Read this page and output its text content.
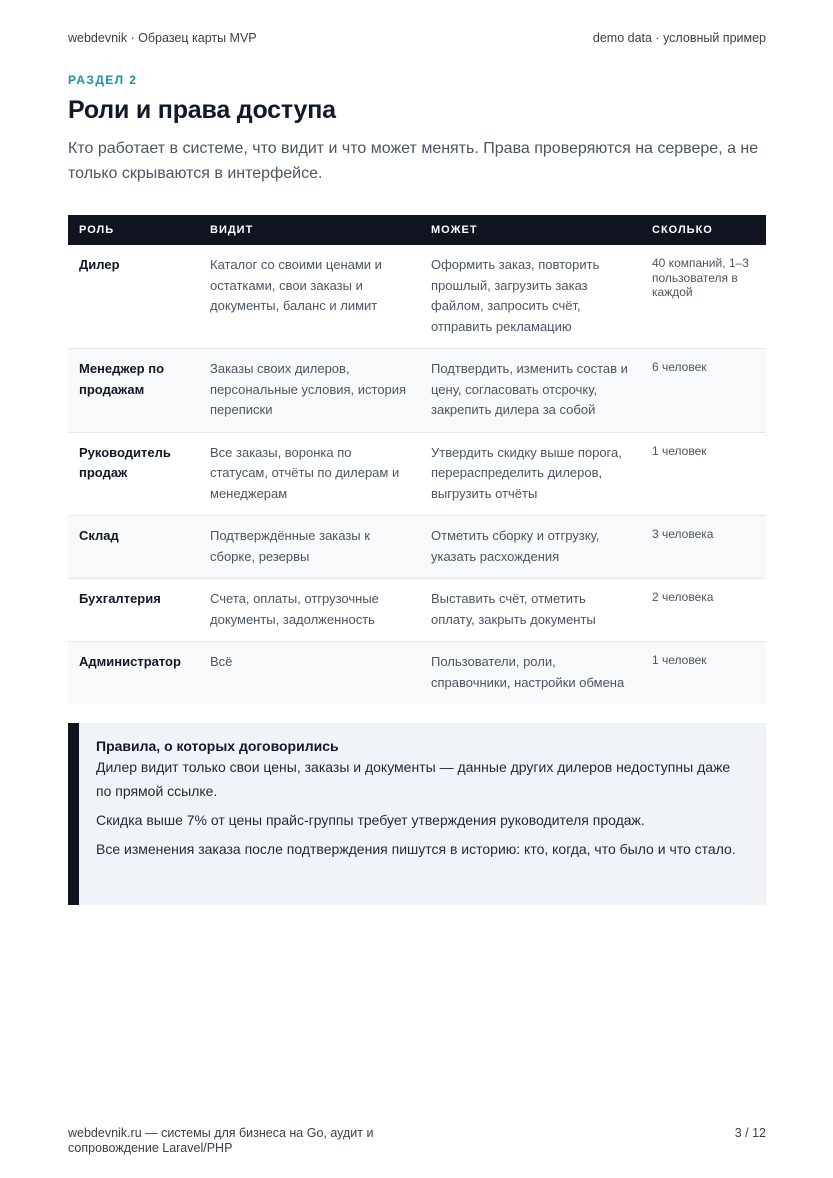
webdevnik · Образец карты MVP	demo data · условный пример
РАЗДЕЛ 2
Роли и права доступа

Кто работает в системе, что видит и что может менять. Права проверяются на сервере, а не только скрываются в интерфейсе.

РОЛЬ	ВИДИТ	МОЖЕТ	СКОЛЬКО
Дилер	Каталог со своими ценами и остатками, свои заказы и документы, баланс и лимит	Оформить заказ, повторить прошлый, загрузить заказ файлом, запросить счёт, отправить рекламацию	40 компаний, 1–3 пользователя в каждой
Менеджер по продажам	Заказы своих дилеров, персональные условия, история переписки	Подтвердить, изменить состав и цену, согласовать отсрочку, закрепить дилера за собой	6 человек
Руководитель продаж	Все заказы, воронка по статусам, отчёты по дилерам и менеджерам	Утвердить скидку выше порога, перераспределить дилеров, выгрузить отчёты	1 человек
Склад	Подтверждённые заказы к сборке, резервы	Отметить сборку и отгрузку, указать расхождения	3 человека
Бухгалтерия	Счета, оплаты, отгрузочные документы, задолженность	Выставить счёт, отметить оплату, закрыть документы	2 человека
Администратор	Всё	Пользователи, роли, справочники, настройки обмена	1 человек
Правила, о которых договорились

Дилер видит только свои цены, заказы и документы — данные других дилеров недоступны даже по прямой ссылке.

Скидка выше 7% от цены прайс-группы требует утверждения руководителя продаж.

Все изменения заказа после подтверждения пишутся в историю: кто, когда, что было и что стало.

webdevnik.ru — системы для бизнеса на Go, аудит и сопровождение Laravel/PHP
3 / 12
